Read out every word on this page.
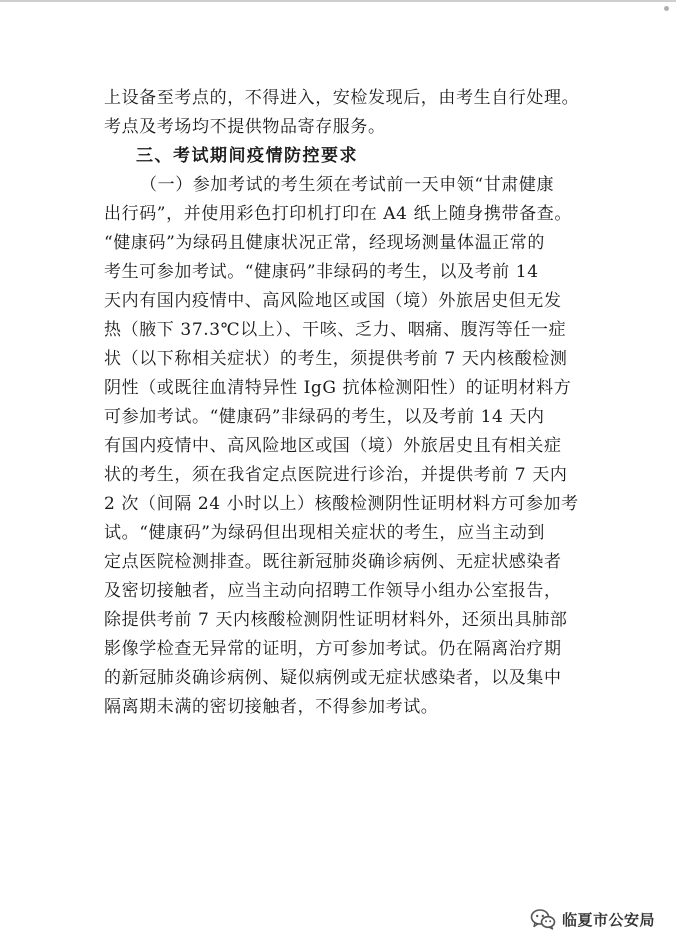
上设备至考点的，不得进入，安检发现后，由考生自行处理。
考点及考场均不提供物品寄存服务。
三、考试期间疫情防控要求
（一）参加考试的考生须在考试前一天申领“甘肃健康
出行码”，并使用彩色打印机打印在 A4 纸上随身携带备查。
“健康码”为绿码且健康状况正常，经现场测量体温正常的
考生可参加考试。“健康码”非绿码的考生，以及考前 14
天内有国内疫情中、高风险地区或国（境）外旅居史但无发
热（腋下 37.3℃以上）、干咳、乏力、咽痛、腹泻等任一症
状（以下称相关症状）的考生，须提供考前 7 天内核酸检测
阴性（或既往血清特异性 IgG 抗体检测阳性）的证明材料方
可参加考试。“健康码”非绿码的考生，以及考前 14 天内
有国内疫情中、高风险地区或国（境）外旅居史且有相关症
状的考生，须在我省定点医院进行诊治，并提供考前 7 天内
2 次（间隔 24 小时以上）核酸检测阴性证明材料方可参加考
试。“健康码”为绿码但出现相关症状的考生，应当主动到
定点医院检测排查。既往新冠肺炎确诊病例、无症状感染者
及密切接触者，应当主动向招聘工作领导小组办公室报告，
除提供考前 7 天内核酸检测阴性证明材料外，还须出具肺部
影像学检查无异常的证明，方可参加考试。仍在隔离治疗期
的新冠肺炎确诊病例、疑似病例或无症状感染者，以及集中
隔离期未满的密切接触者，不得参加考试。
临夏市公安局
